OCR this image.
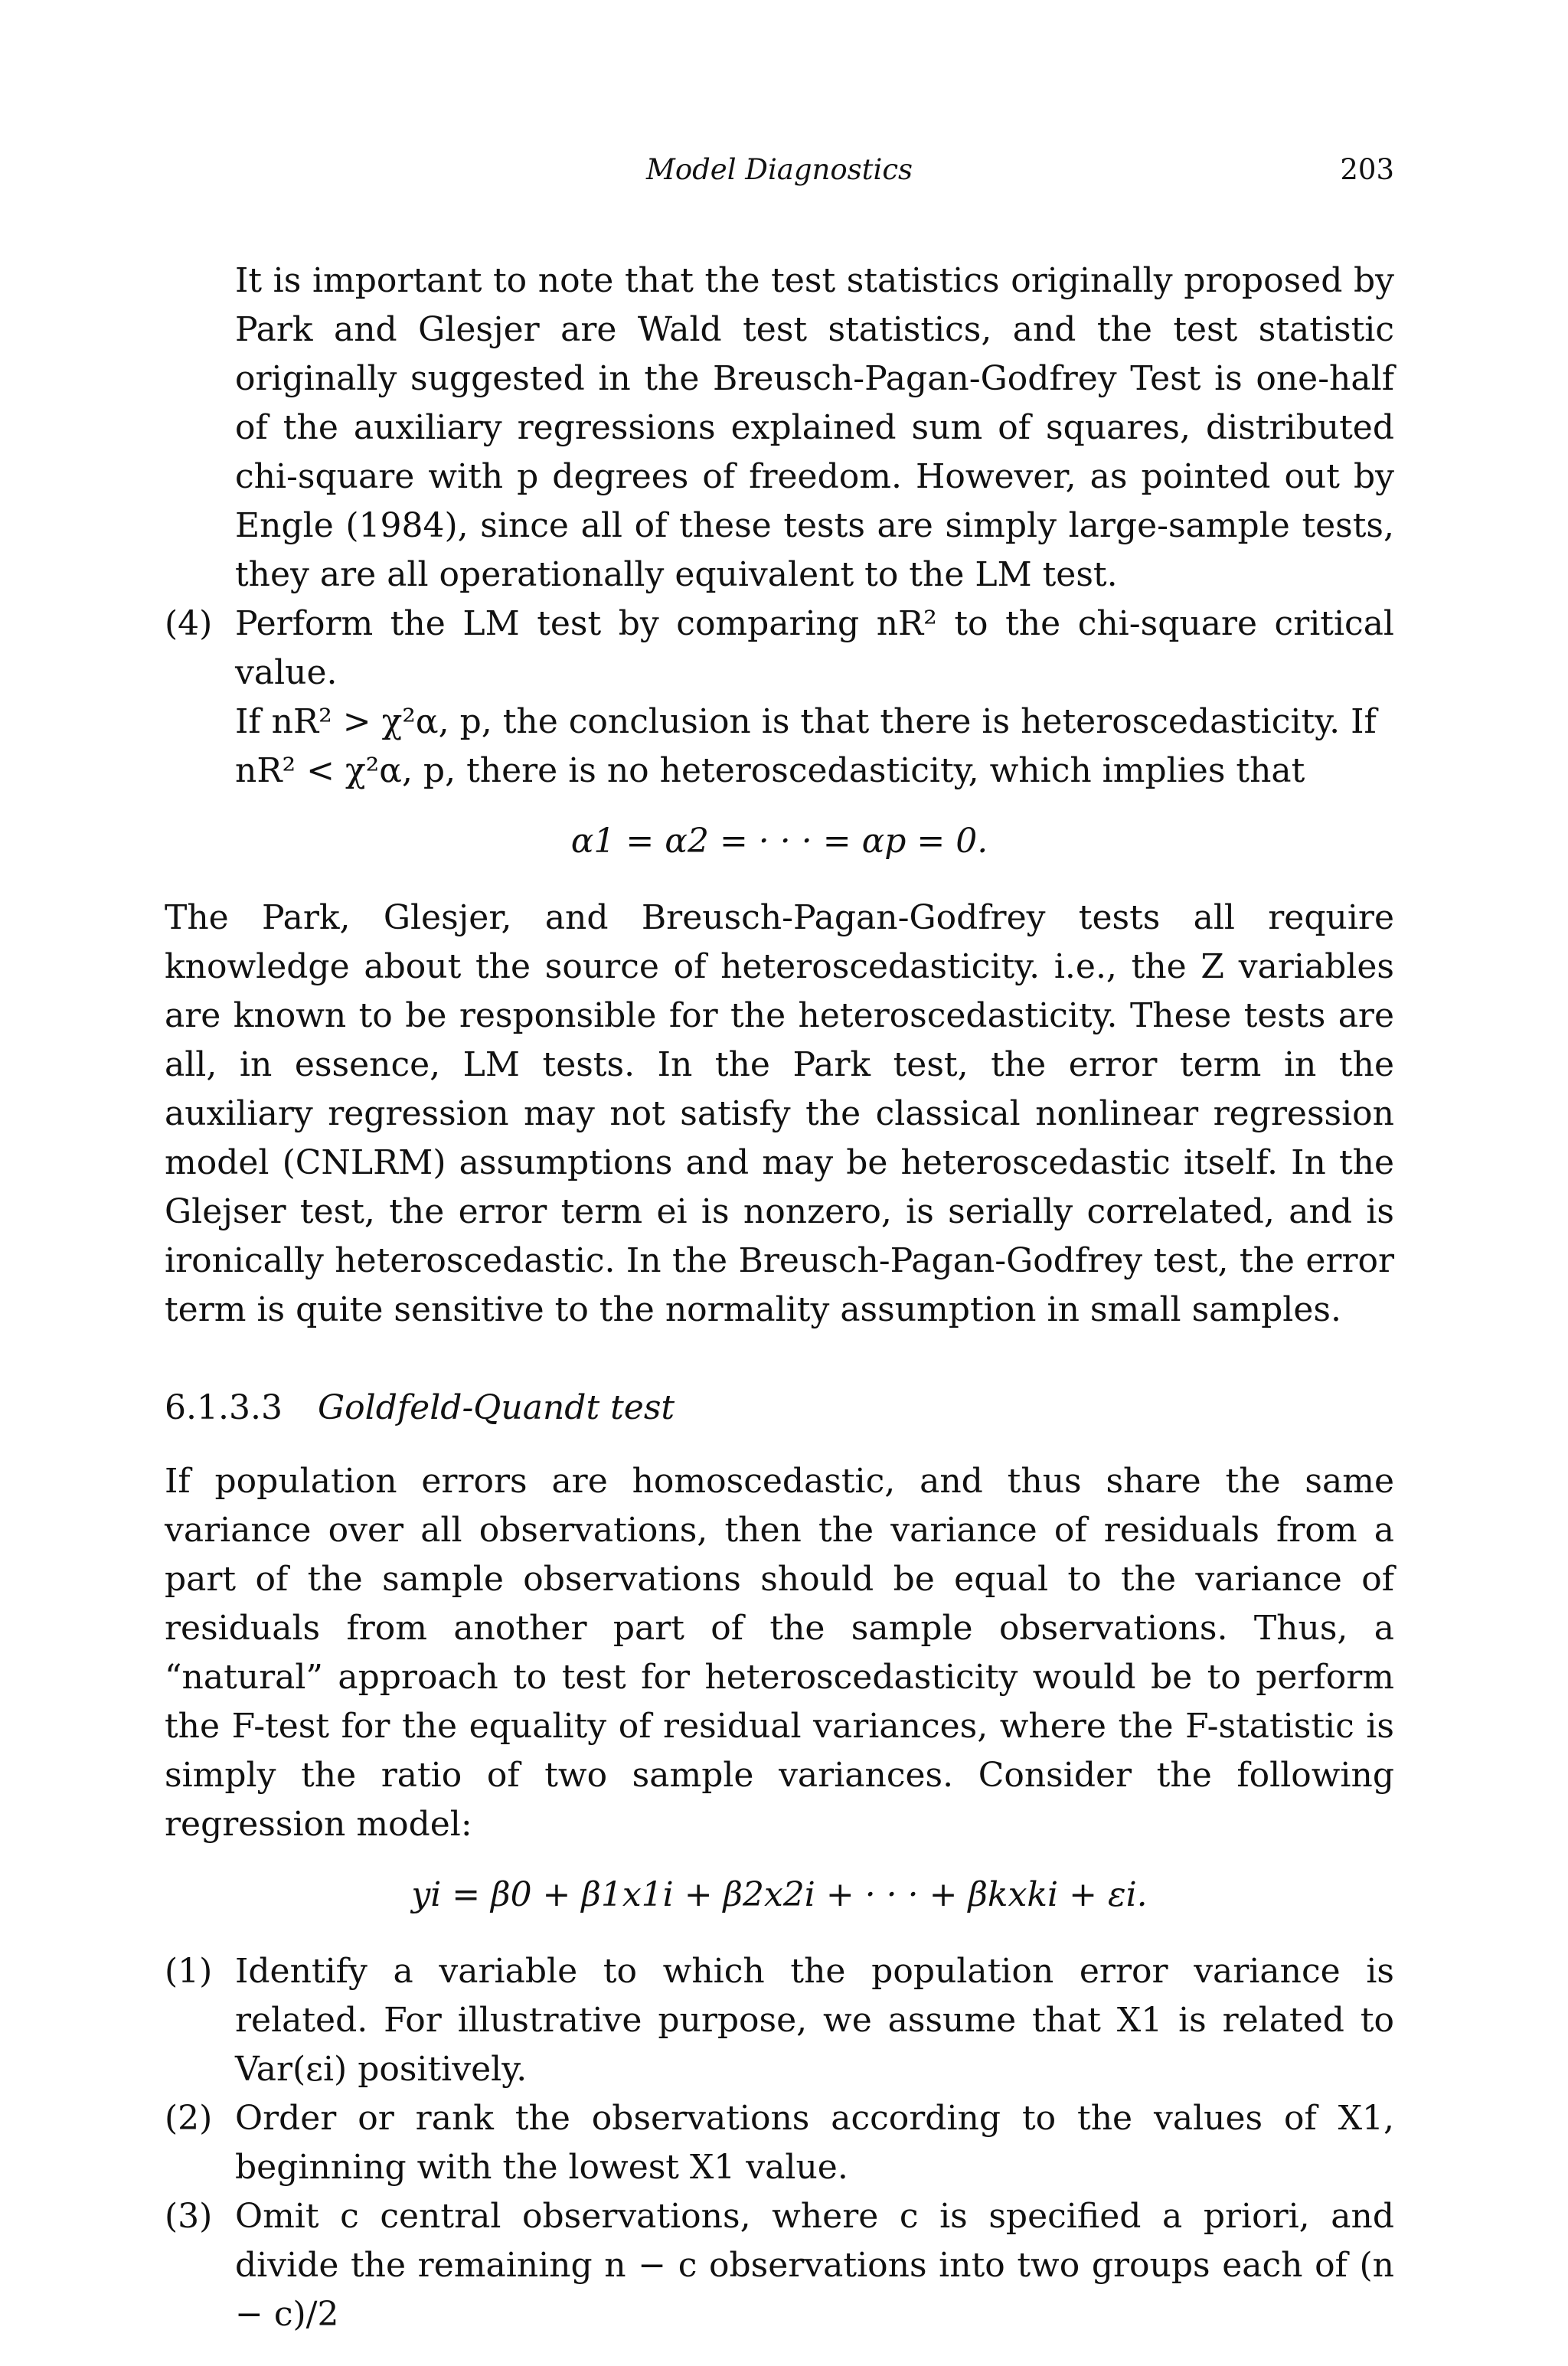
Model Diagnostics	203

It is important to note that the test statistics originally proposed by Park and Glesjer are Wald test statistics, and the test statistic originally suggested in the Breusch-Pagan-Godfrey Test is one-half of the auxiliary regressions explained sum of squares, distributed chi-square with p degrees of freedom. However, as pointed out by Engle (1984), since all of these tests are simply large-sample tests, they are all operationally equivalent to the LM test.

(4) Perform the LM test by comparing nR² to the chi-square critical value.
If nR² > χ²α, p, the conclusion is that there is heteroscedasticity. If
nR² < χ²α, p, there is no heteroscedasticity, which implies that
α1 = α2 = · · · = αp = 0.

The Park, Glesjer, and Breusch-Pagan-Godfrey tests all require knowledge about the source of heteroscedasticity. i.e., the Z variables are known to be responsible for the heteroscedasticity. These tests are all, in essence, LM tests. In the Park test, the error term in the auxiliary regression may not satisfy the classical nonlinear regression model (CNLRM) assumptions and may be heteroscedastic itself. In the Glejser test, the error term ei is nonzero, is serially correlated, and is ironically heteroscedastic. In the Breusch-Pagan-Godfrey test, the error term is quite sensitive to the normality assumption in small samples.

6.1.3.3 Goldfeld-Quandt test

If population errors are homoscedastic, and thus share the same variance over all observations, then the variance of residuals from a part of the sample observations should be equal to the variance of residuals from another part of the sample observations. Thus, a “natural” approach to test for heteroscedasticity would be to perform the F-test for the equality of residual variances, where the F-statistic is simply the ratio of two sample variances. Consider the following regression model:

yi = β0 + β1x1i + β2x2i + · · · + βkxki + εi.
(1) Identify a variable to which the population error variance is related. For illustrative purpose, we assume that X1 is related to Var(εi) positively.
(2) Order or rank the observations according to the values of X1, beginning with the lowest X1 value.
(3) Omit c central observations, where c is specified a priori, and divide the remaining n − c observations into two groups each of (n − c)/2
